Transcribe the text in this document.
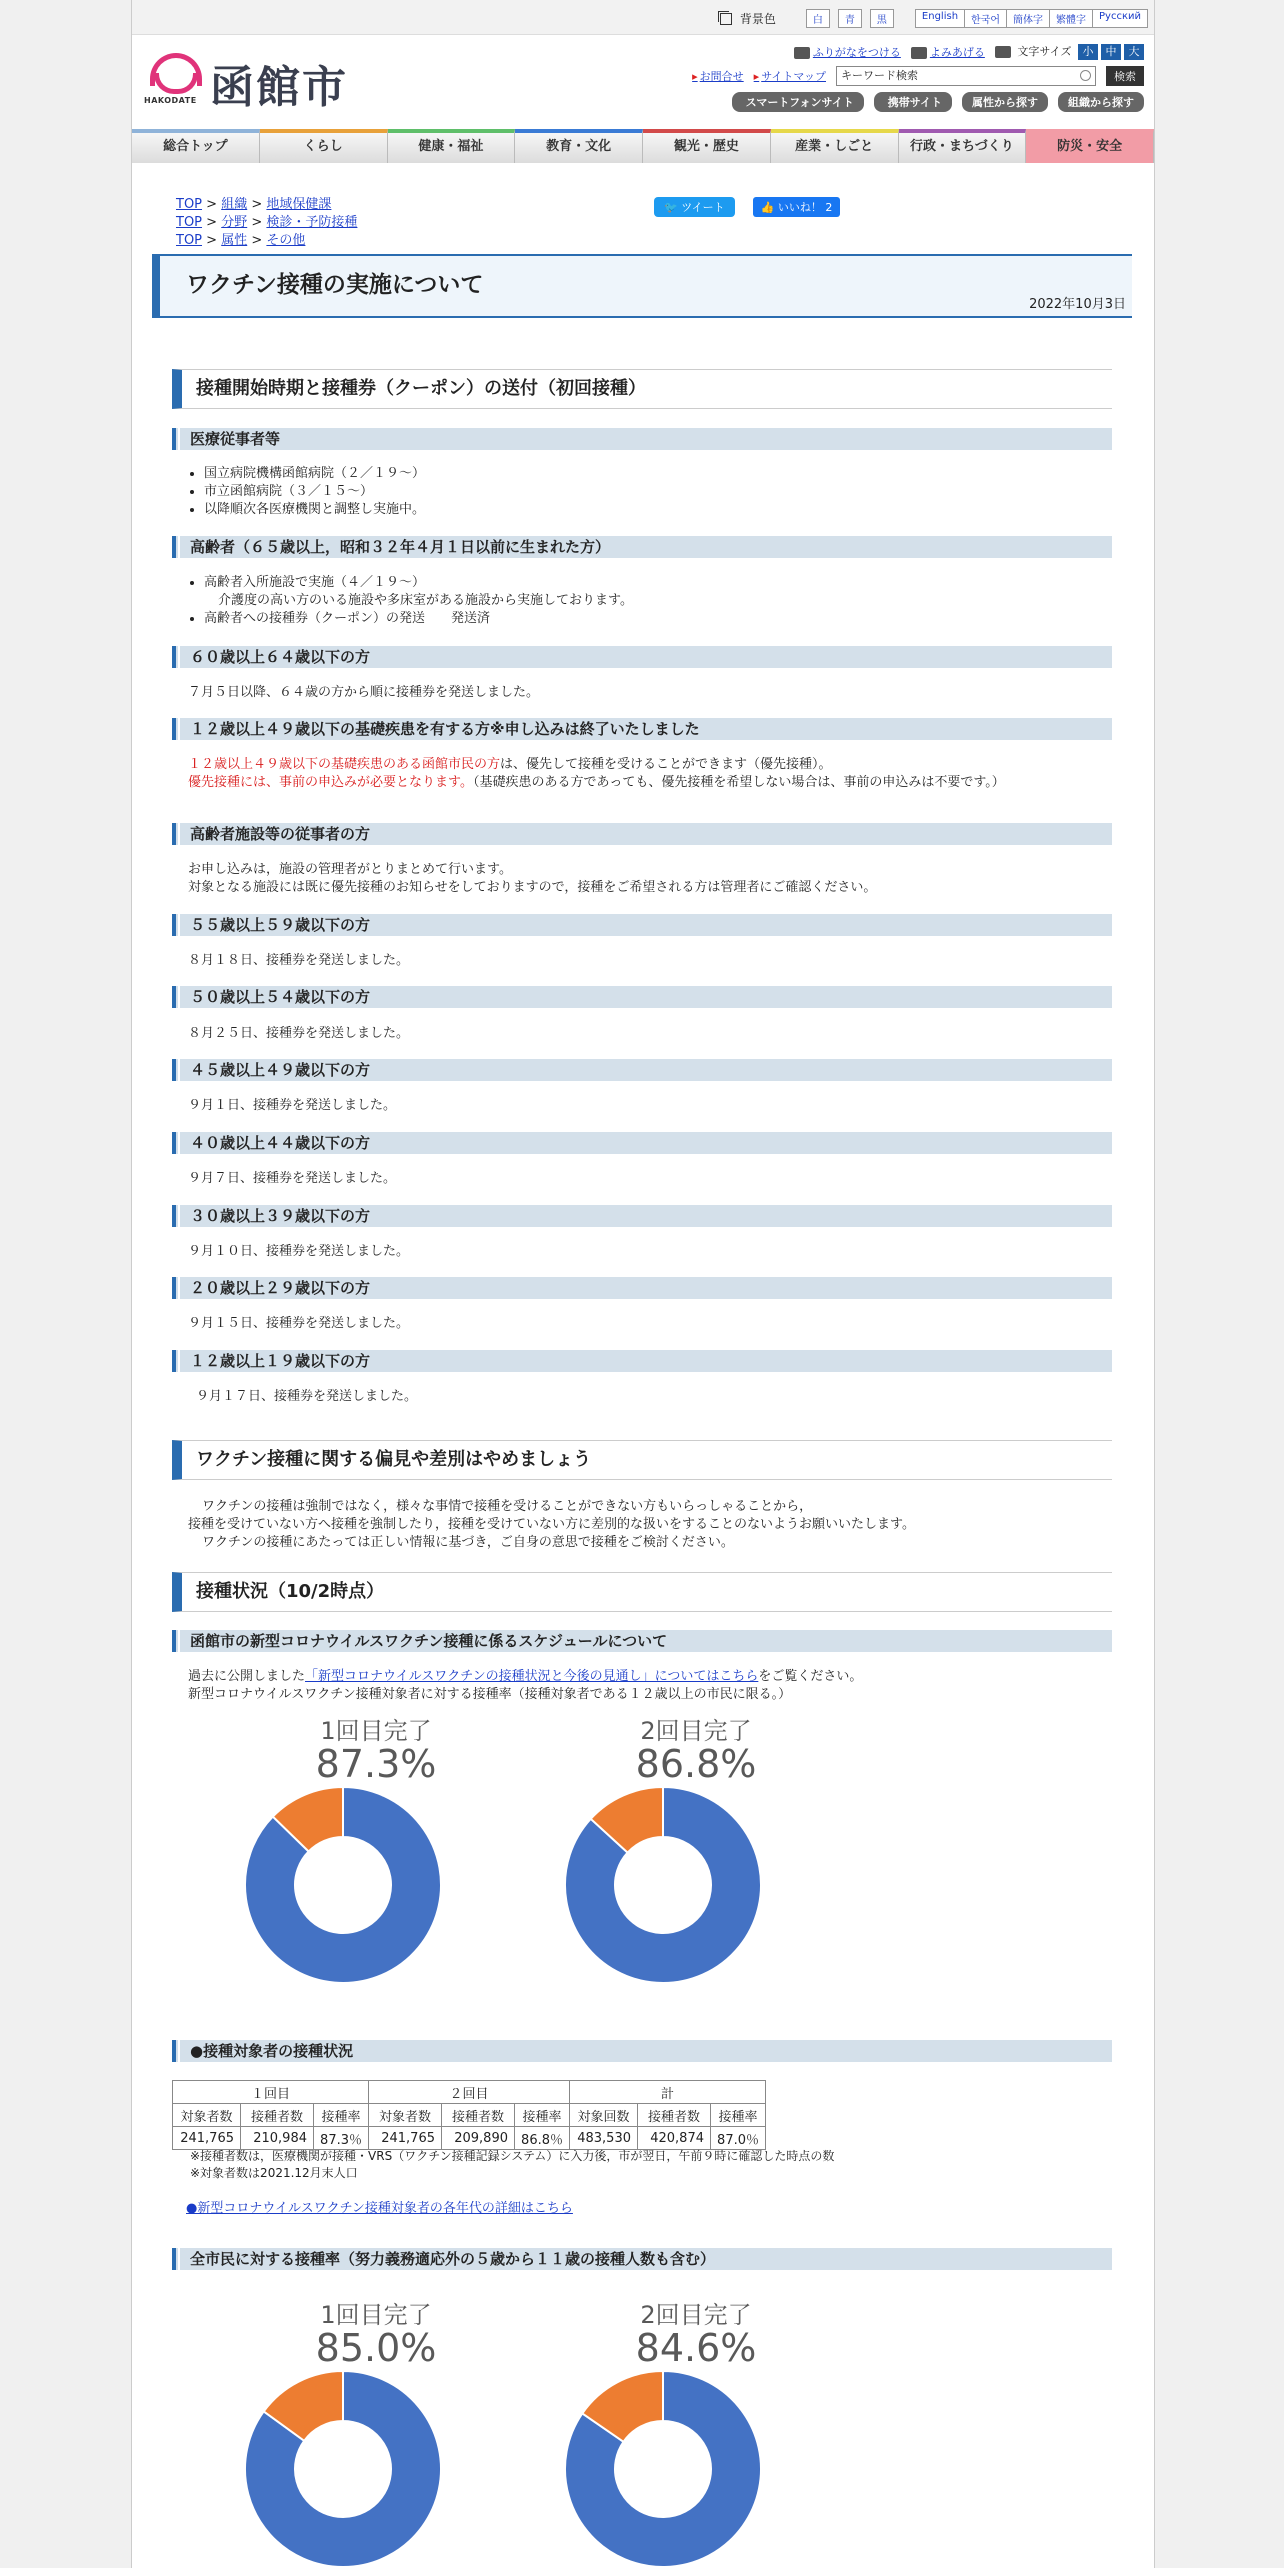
背景色	白	青	黒	English	한국어	簡体字	繁體字	Русский
HAKODATE 函館市
ふりがなをつける	よみあげる	文字サイズ 小 中 大
▸ お問合せ	▸ サイトマップ	キーワード検索	検索
スマートフォンサイト	携帯サイト	属性から探す	組織から探す
総合トップ	くらし	健康・福祉	教育・文化	観光・歴史	産業・しごと	行政・まちづくり	防災・安全
TOP > 組織 > 地域保健課
TOP > 分野 > 検診・予防接種
TOP > 属性 > その他
🐦 ツイート	👍 いいね！ 2
ワクチン接種の実施について
2022年10月3日
接種開始時期と接種券（クーポン）の送付（初回接種）
医療従事者等
• 国立病院機構函館病院（２／１９～）
• 市立函館病院（３／１５～）
• 以降順次各医療機関と調整し実施中。
高齢者（６５歳以上，昭和３２年４月１日以前に生まれた方）
• 高齢者入所施設で実施（４／１９～）
介護度の高い方のいる施設や多床室がある施設から実施しております。
• 高齢者への接種券（クーポン）の発送　　発送済
６０歳以上６４歳以下の方
７月５日以降、６４歳の方から順に接種券を発送しました。
１２歳以上４９歳以下の基礎疾患を有する方※申し込みは終了いたしました
１２歳以上４９歳以下の基礎疾患のある函館市民の方は、優先して接種を受けることができます（優先接種）。
優先接種には、事前の申込みが必要となります。（基礎疾患のある方であっても、優先接種を希望しない場合は、事前の申込みは不要です。）
高齢者施設等の従事者の方
お申し込みは，施設の管理者がとりまとめて行います。
対象となる施設には既に優先接種のお知らせをしておりますので，接種をご希望される方は管理者にご確認ください。
５５歳以上５９歳以下の方
８月１８日、接種券を発送しました。
５０歳以上５４歳以下の方
８月２５日、接種券を発送しました。
４５歳以上４９歳以下の方
９月１日、接種券を発送しました。
４０歳以上４４歳以下の方
９月７日、接種券を発送しました。
３０歳以上３９歳以下の方
９月１０日、接種券を発送しました。
２０歳以上２９歳以下の方
９月１５日、接種券を発送しました。
１２歳以上１９歳以下の方
９月１７日、接種券を発送しました。
ワクチン接種に関する偏見や差別はやめましょう
ワクチンの接種は強制ではなく，様々な事情で接種を受けることができない方もいらっしゃることから，
接種を受けていない方へ接種を強制したり，接種を受けていない方に差別的な扱いをすることのないようお願いいたします。
ワクチンの接種にあたっては正しい情報に基づき，ご自身の意思で接種をご検討ください。
接種状況（10/2時点）
函館市の新型コロナウイルスワクチン接種に係るスケジュールについて
過去に公開しました「新型コロナウイルスワクチンの接種状況と今後の見通し」についてはこちらをご覧ください。
新型コロナウイルスワクチン接種対象者に対する接種率（接種対象者である１２歳以上の市民に限る。）
1回目完了
87.3%
2回目完了
86.8%
●接種対象者の接種状況
１回目			２回目			計		
対象者数	接種者数	接種率	対象者数	接種者数	接種率	対象回数	接種者数	接種率
241,765	210,984	87.3％	241,765	209,890	86.8％	483,530	420,874	87.0％
※接種者数は，医療機関が接種・VRS（ワクチン接種記録システム）に入力後，市が翌日，午前９時に確認した時点の数
※対象者数は2021.12月末人口
●新型コロナウイルスワクチン接種対象者の各年代の詳細はこちら
全市民に対する接種率（努力義務適応外の５歳から１１歳の接種人数も含む）
1回目完了
85.0%
2回目完了
84.6%
